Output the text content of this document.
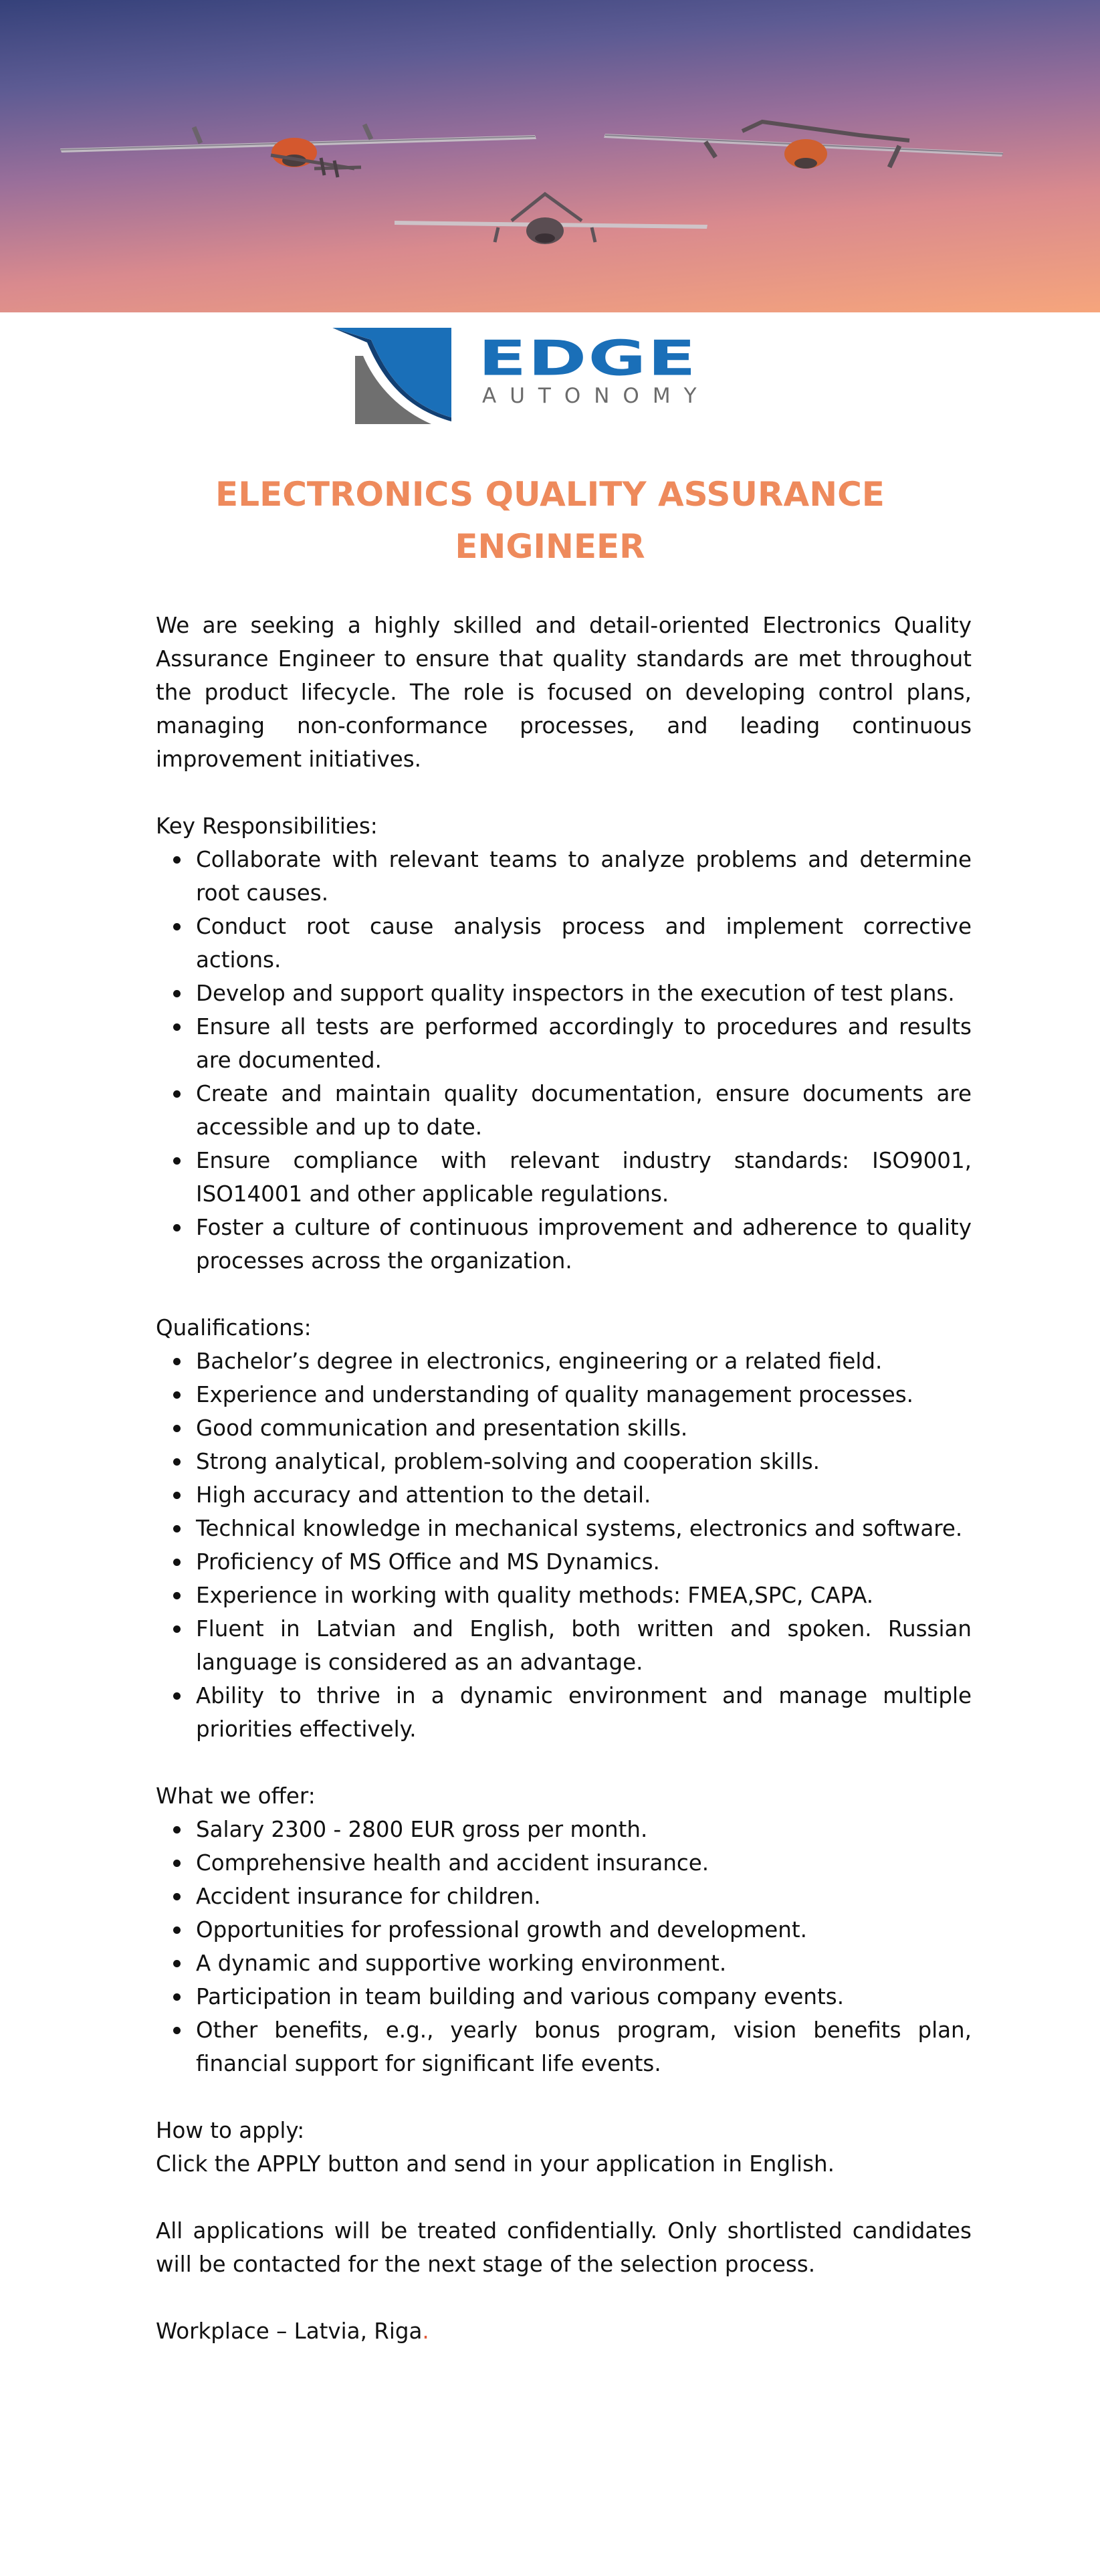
EDGE
AUTONOMY
ELECTRONICS QUALITY ASSURANCE
ENGINEER

We are seeking a highly skilled and detail-oriented Electronics Quality Assurance Engineer to ensure that quality standards are met throughout the product lifecycle. The role is focused on developing control plans, managing non-conformance processes, and leading continuous improvement initiatives.

Key Responsibilities:
Collaborate with relevant teams to analyze problems and determine root causes.
Conduct root cause analysis process and implement corrective actions.
Develop and support quality inspectors in the execution of test plans.
Ensure all tests are performed accordingly to procedures and results are documented.
Create and maintain quality documentation, ensure documents are accessible and up to date.
Ensure compliance with relevant industry standards: ISO9001, ISO14001 and other applicable regulations.
Foster a culture of continuous improvement and adherence to quality processes across the organization.
Qualifications:
Bachelor’s degree in electronics, engineering or a related field.
Experience and understanding of quality management processes.
Good communication and presentation skills.
Strong analytical, problem-solving and cooperation skills.
High accuracy and attention to the detail.
Technical knowledge in mechanical systems, electronics and software.
Proficiency of MS Office and MS Dynamics.
Experience in working with quality methods: FMEA,SPC, CAPA.
Fluent in Latvian and English, both written and spoken. Russian language is considered as an advantage.
Ability to thrive in a dynamic environment and manage multiple priorities effectively.
What we offer:
Salary 2300 - 2800 EUR gross per month.
Comprehensive health and accident insurance.
Accident insurance for children.
Opportunities for professional growth and development.
A dynamic and supportive working environment.
Participation in team building and various company events.
Other benefits, e.g., yearly bonus program, vision benefits plan, financial support for significant life events.
How to apply:
Click the APPLY button and send in your application in English.

All applications will be treated confidentially. Only shortlisted candidates will be contacted for the next stage of the selection process.

Workplace – Latvia, Riga.
